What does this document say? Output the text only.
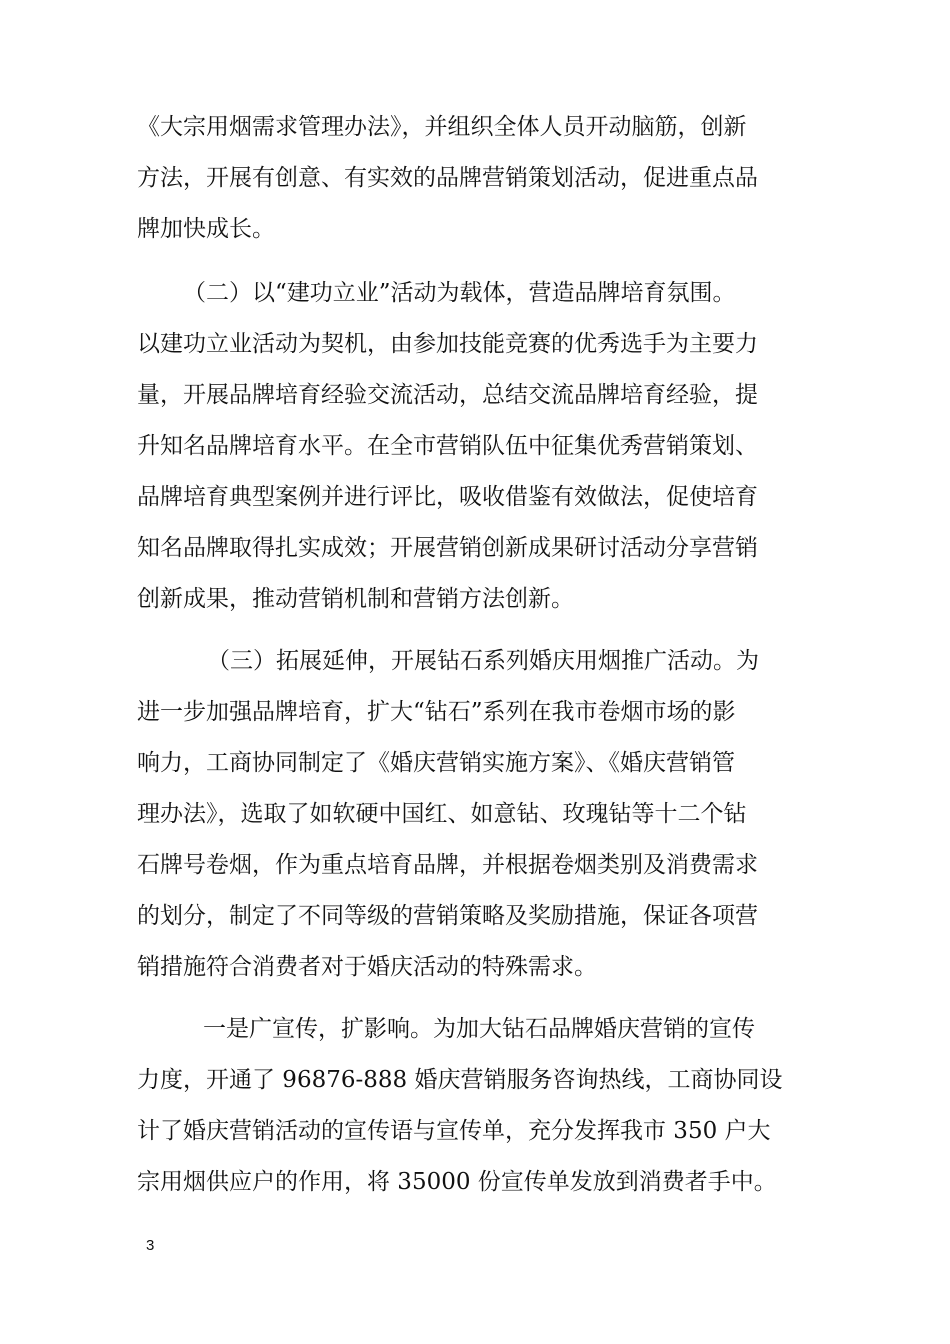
《大宗用烟需求管理办法》，并组织全体人员开动脑筋，创新
方法，开展有创意、有实效的品牌营销策划活动，促进重点品
牌加快成长。
（二）以“建功立业”活动为载体，营造品牌培育氛围。
以建功立业活动为契机，由参加技能竞赛的优秀选手为主要力
量，开展品牌培育经验交流活动，总结交流品牌培育经验，提
升知名品牌培育水平。在全市营销队伍中征集优秀营销策划、
品牌培育典型案例并进行评比，吸收借鉴有效做法，促使培育
知名品牌取得扎实成效；开展营销创新成果研讨活动分享营销
创新成果，推动营销机制和营销方法创新。
（三）拓展延伸，开展钻石系列婚庆用烟推广活动。为
进一步加强品牌培育，扩大“钻石”系列在我市卷烟市场的影
响力，工商协同制定了《婚庆营销实施方案》、《婚庆营销管
理办法》，选取了如软硬中国红、如意钻、玫瑰钻等十二个钻
石牌号卷烟，作为重点培育品牌，并根据卷烟类别及消费需求
的划分，制定了不同等级的营销策略及奖励措施，保证各项营
销措施符合消费者对于婚庆活动的特殊需求。
一是广宣传，扩影响。为加大钻石品牌婚庆营销的宣传
力度，开通了 96876-888 婚庆营销服务咨询热线，工商协同设
计了婚庆营销活动的宣传语与宣传单，充分发挥我市 350 户大
宗用烟供应户的作用，将 35000 份宣传单发放到消费者手中。
3
